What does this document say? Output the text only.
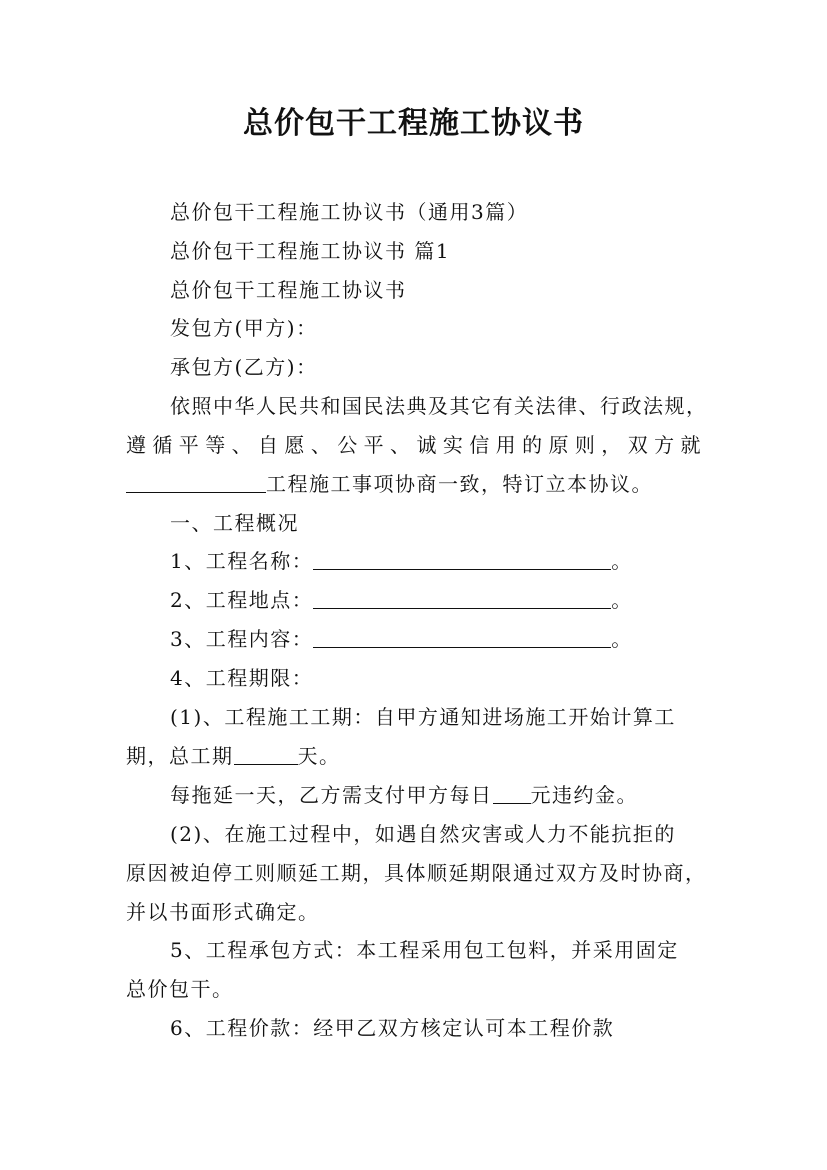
总价包干工程施工协议书
总价包干工程施工协议书（通用3篇）
总价包干工程施工协议书 篇1
总价包干工程施工协议书
发包方(甲方)：
承包方(乙方)：
依照中华人民共和国民法典及其它有关法律、行政法规，
遵循平等、自愿、公平、诚实信用的原则，双方就
工程施工事项协商一致，特订立本协议。
一、工程概况
1、工程名称：	。
2、工程地点：	。
3、工程内容：	。
4、工程期限：
(1)、工程施工工期：自甲方通知进场施工开始计算工
期，总工期	天。
每拖延一天，乙方需支付甲方每日 元违约金。
(2)、在施工过程中，如遇自然灾害或人力不能抗拒的
原因被迫停工则顺延工期，具体顺延期限通过双方及时协商，
并以书面形式确定。
5、工程承包方式：本工程采用包工包料，并采用固定
总价包干。
6、工程价款：经甲乙双方核定认可本工程价款
